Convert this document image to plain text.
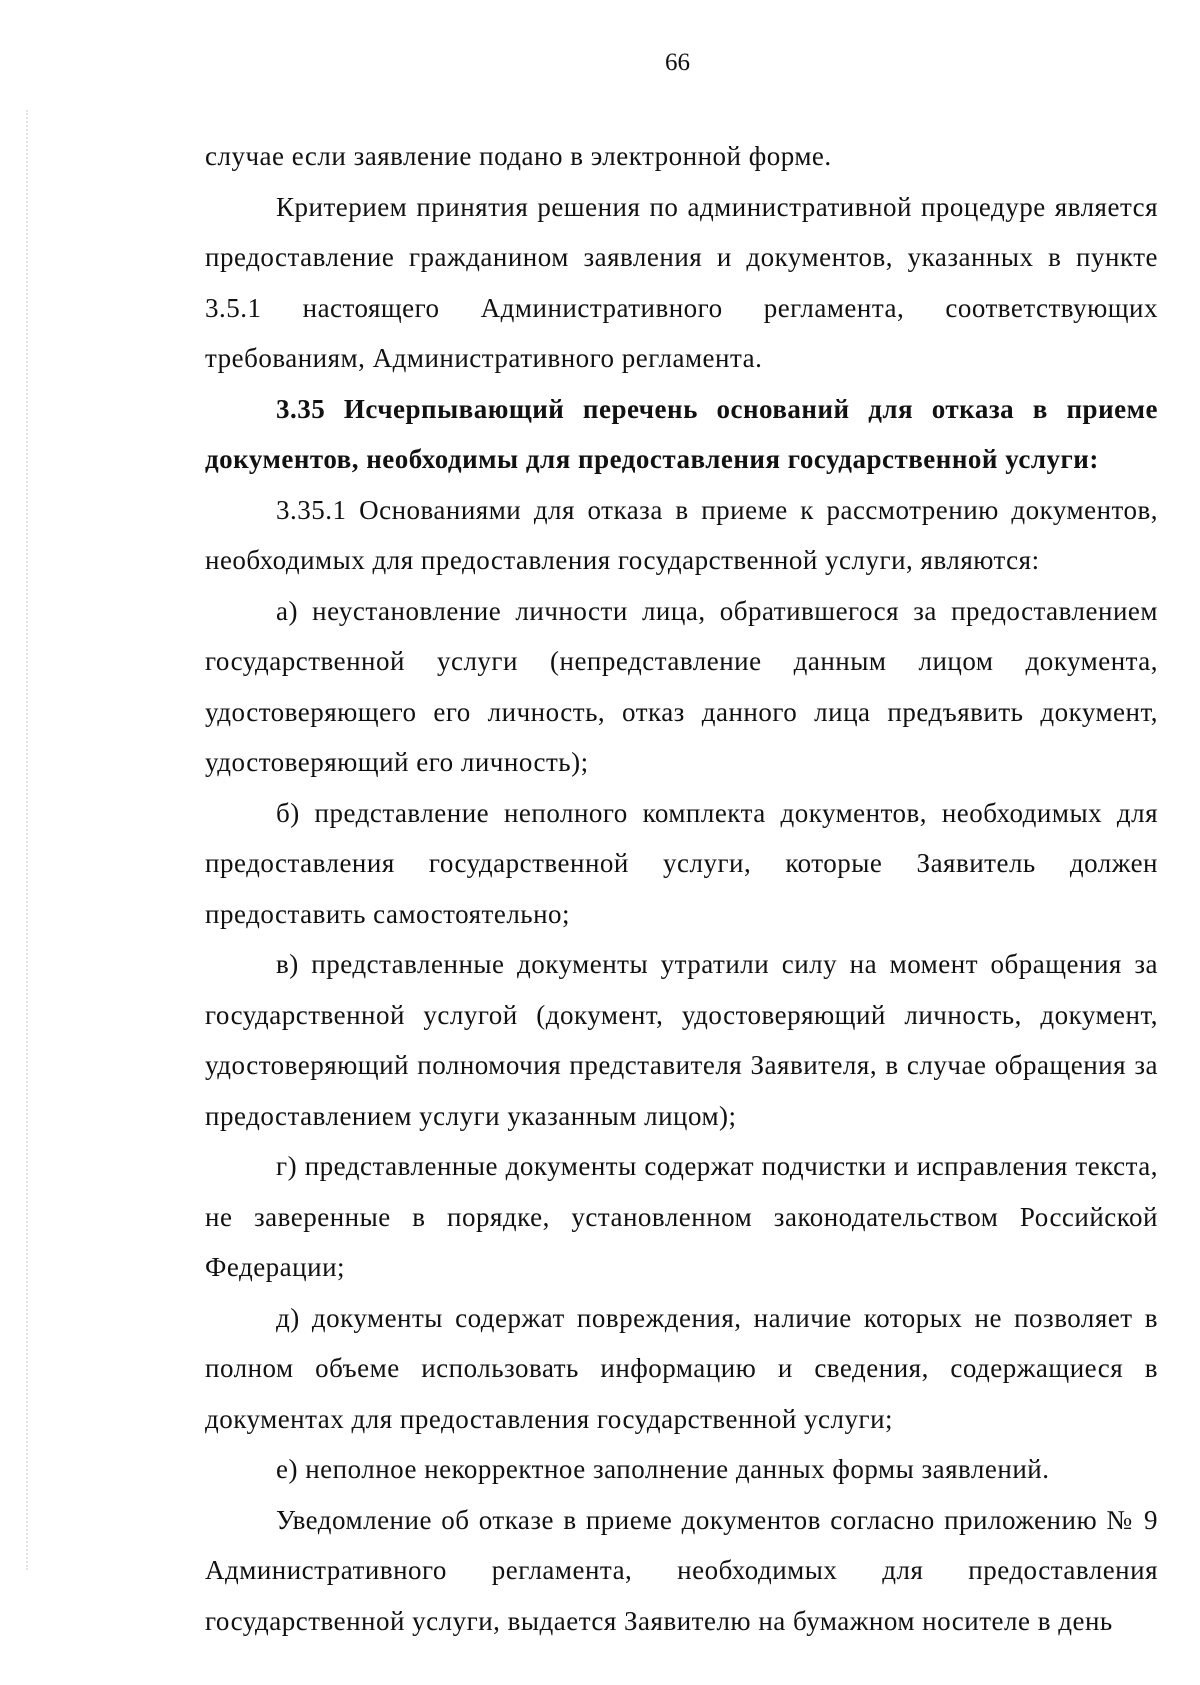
66

случае если заявление подано в электронной форме.

Критерием принятия решения по административной процедуре является предоставление гражданином заявления и документов, указанных в пункте 3.5.1 настоящего Административного регламента, соответствующих требованиям, Административного регламента.

3.35 Исчерпывающий перечень оснований для отказа в приеме документов, необходимы для предоставления государственной услуги:

3.35.1 Основаниями для отказа в приеме к рассмотрению документов, необходимых для предоставления государственной услуги, являются:

а) неустановление личности лица, обратившегося за предоставлением государственной услуги (непредставление данным лицом документа, удостоверяющего его личность, отказ данного лица предъявить документ, удостоверяющий его личность);

б) представление неполного комплекта документов, необходимых для предоставления государственной услуги, которые Заявитель должен предоставить самостоятельно;

в) представленные документы утратили силу на момент обращения за государственной услугой (документ, удостоверяющий личность, документ, удостоверяющий полномочия представителя Заявителя, в случае обращения за предоставлением услуги указанным лицом);

г) представленные документы содержат подчистки и исправления текста, не заверенные в порядке, установленном законодательством Российской Федерации;

д) документы содержат повреждения, наличие которых не позволяет в полном объеме использовать информацию и сведения, содержащиеся в документах для предоставления государственной услуги;

е) неполное некорректное заполнение данных формы заявлений.

Уведомление об отказе в приеме документов согласно приложению № 9 Административного регламента, необходимых для предоставления государственной услуги, выдается Заявителю на бумажном носителе в день
